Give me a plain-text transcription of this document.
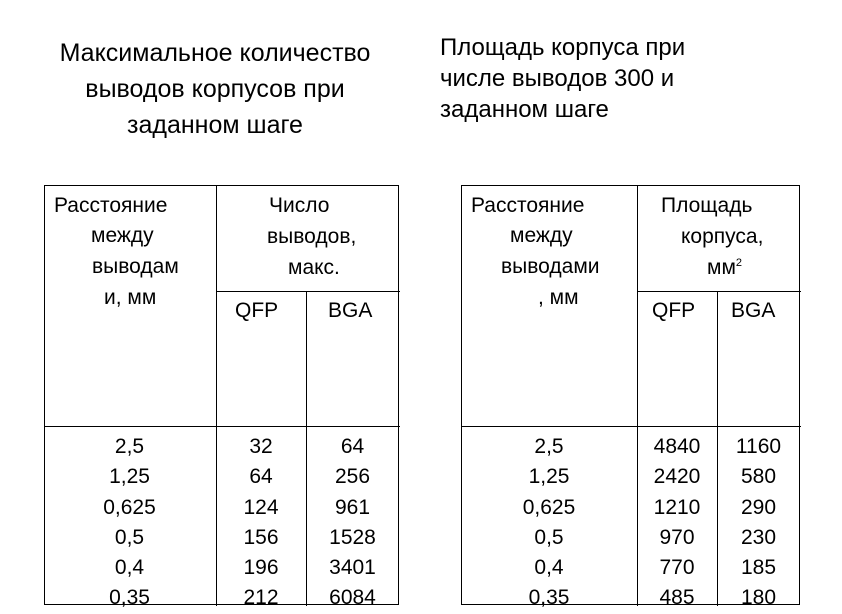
Максимальное количество
выводов корпусов при
заданном шаге
Площадь корпуса при
числе выводов 300 и
заданном шаге
Расстояние
между
выводам
и, мм
Число
выводов,
макс.
QFP BGA
2,5
1,25
0,625
0,5
0,4
0,35
32
64
124
156
196
212
64
256
961
1528
3401
6084
Расстояние
между
выводами
, мм
Площадь
корпуса,
$мм^2$
QFP BGA
2,5
1,25
0,625
0,5
0,4
0,35
4840
2420
1210
970
770
485
1160
580
290
230
185
180
